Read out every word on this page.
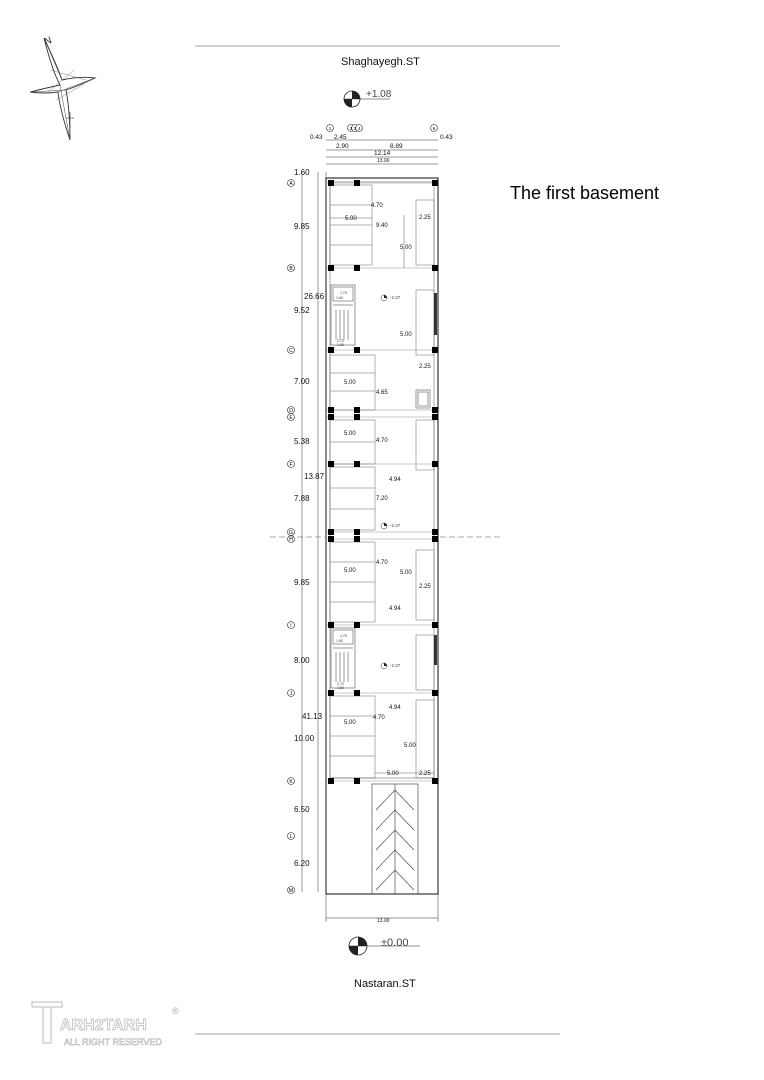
Shaghayegh.ST
Nastaran.ST
The first basement
N
+1.08
±0.00
1	2 3 4
5
6
0.43 2.45	0.43
2.90	8.89
12.14
13.00
13.00
A
B
C
D
E
F
G
H
I
J
K
L
M
1.60
9.85
26.66
9.52
7.00
5.38
13.87
7.88
9.85
8.00
41.13
10.00
6.50
6.20
5.00
4.70
9.40
2.25
5.00
5.00
2.25
5.00
4.65
5.00
4.70
4.94
7.20
5.00
4.70
5.00
2.25
4.94
4.94
5.00
4.70
5.00
5.00	2.25
-2.37
-2.37
-2.37
1.75
1.60
2.70
1.80
1.75
1.60
2.70
1.80
ARH2TARH
ALL RIGHT RESERVED
®
